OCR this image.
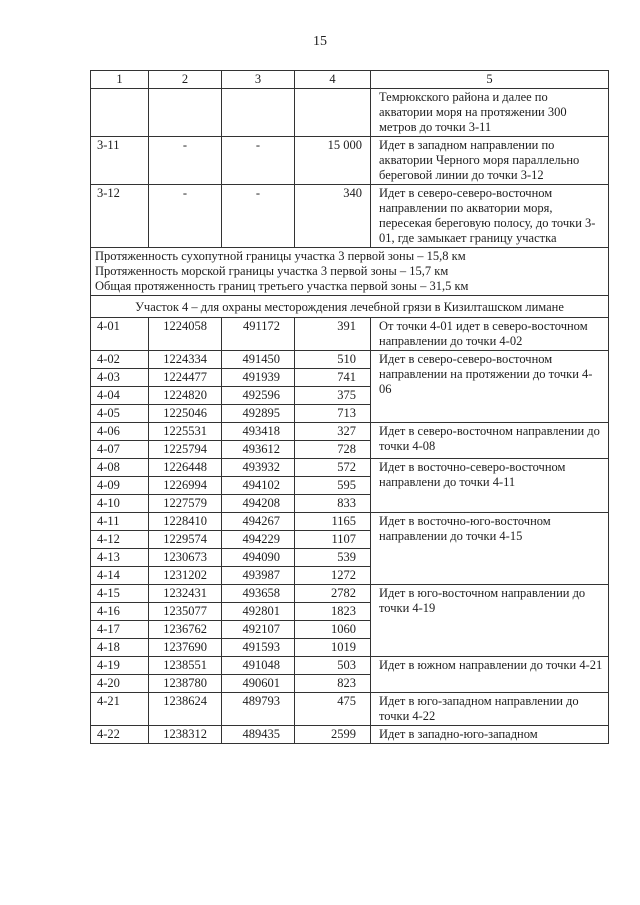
15
1	2	3	4	5
				Темрюкского района и далее по акватории моря на протяжении 300 метров до точки 3-11
3-11	-	-	15 000	Идет в западном направлении по акватории Черного моря параллельно береговой линии до точки 3-12
3-12	-	-	340	Идет в северо-северо-восточном направлении по акватории моря, пересекая береговую полосу, до точки 3-01, где замыкает границу участка

Протяженность сухопутной границы участка 3 первой зоны – 15,8 км
Протяженность морской границы участка 3 первой зоны – 15,7 км
Общая протяженность границ третьего участка первой зоны – 31,5 км				

Участок 4 – для охраны месторождения лечебной грязи в Кизилташском лимане				
4-01	1224058	491172	391	От точки 4-01 идет в северо-восточном направлении до точки 4-02
4-02	1224334	491450	510	Идет в северо-северо-восточном направлении на протяжении до точки 4-06
4-03	1224477	491939	741	
4-04	1224820	492596	375	
4-05	1225046	492895	713	
4-06	1225531	493418	327	Идет в северо-восточном направлении до точки 4-08
4-07	1225794	493612	728	
4-08	1226448	493932	572	Идет в восточно-северо-восточном направлени до точки 4-11
4-09	1226994	494102	595	
4-10	1227579	494208	833	
4-11	1228410	494267	1165	Идет в восточно-юго-восточном направлении до точки 4-15
4-12	1229574	494229	1107	
4-13	1230673	494090	539	
4-14	1231202	493987	1272	
4-15	1232431	493658	2782	Идет в юго-восточном направлении до точки 4-19
4-16	1235077	492801	1823	
4-17	1236762	492107	1060	
4-18	1237690	491593	1019	
4-19	1238551	491048	503	Идет в южном направлении до точки 4-21
4-20	1238780	490601	823	
4-21	1238624	489793	475	Идет в юго-западном направлении до точки 4-22
4-22	1238312	489435	2599	Идет в западно-юго-западном
